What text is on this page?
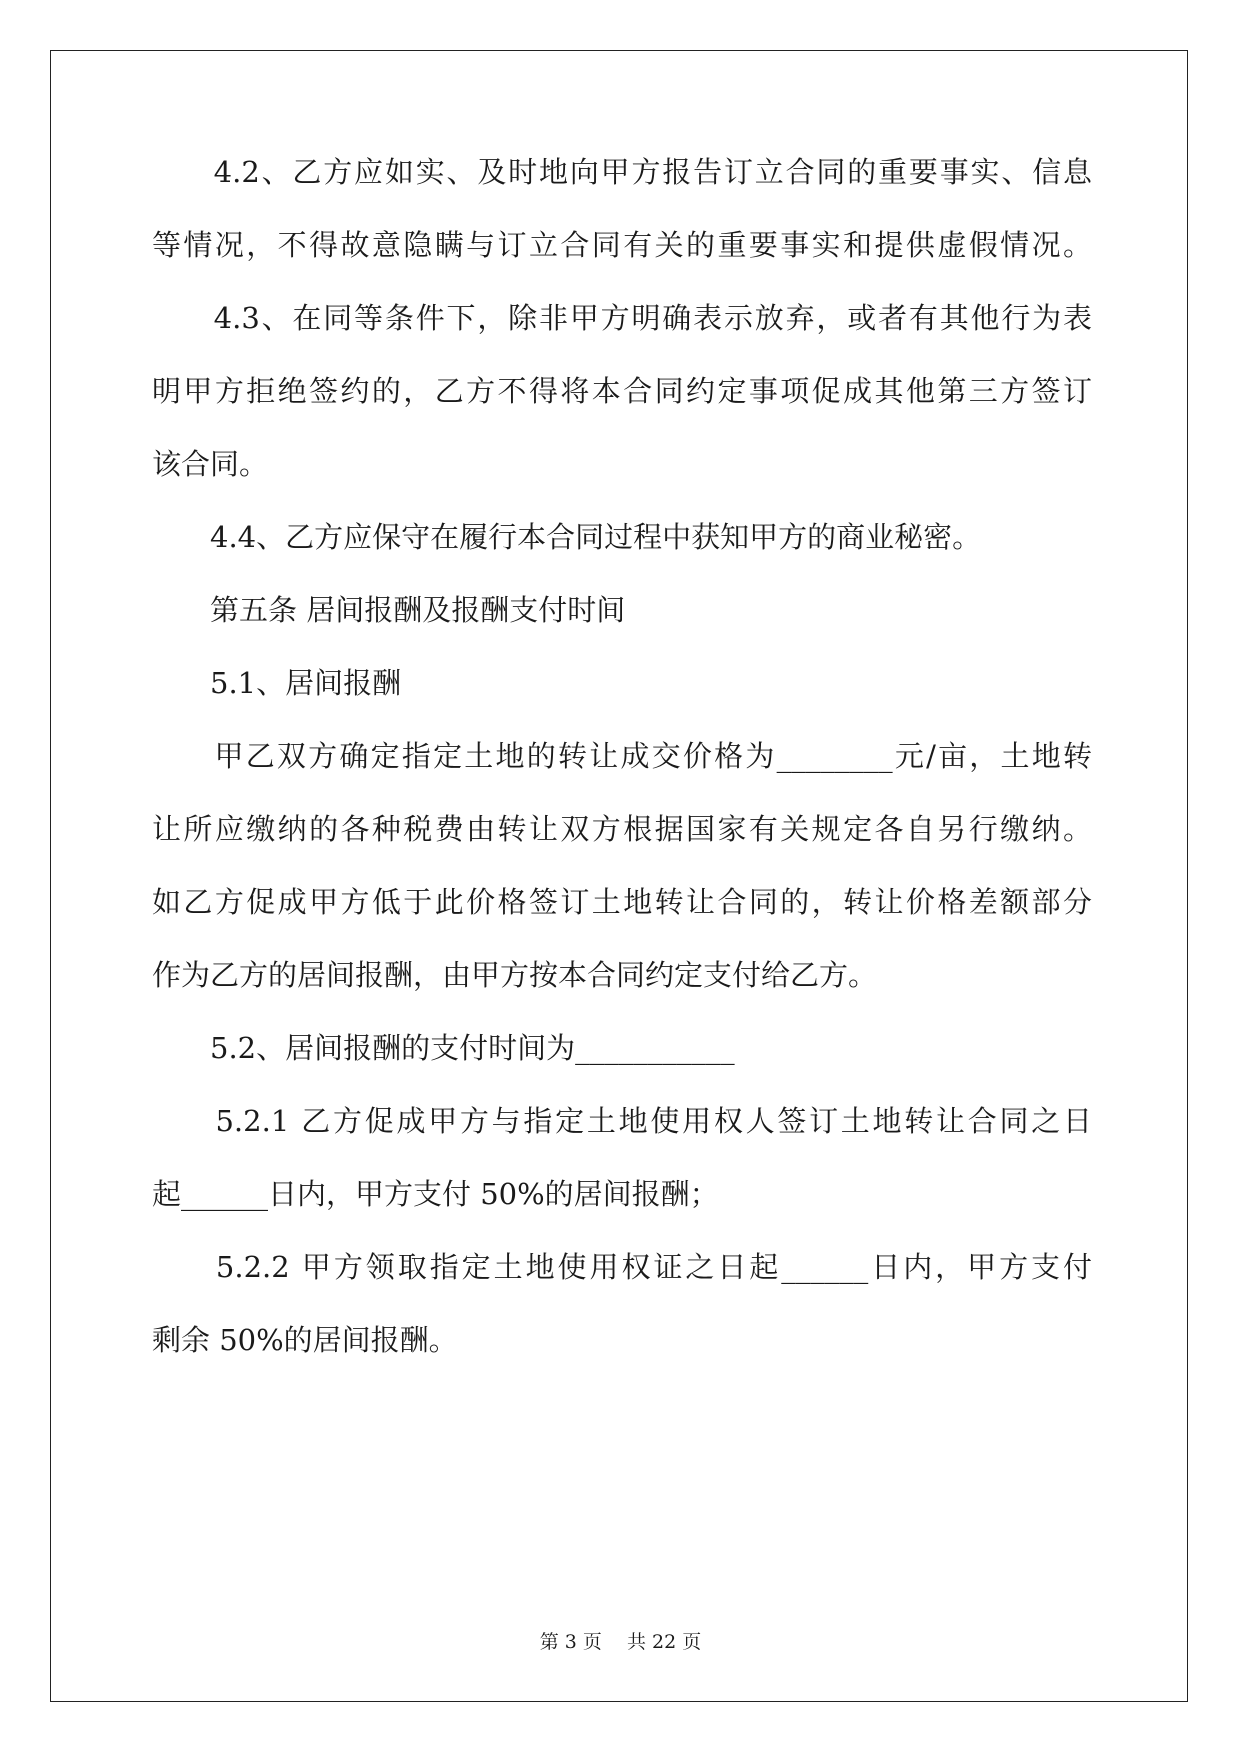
　　4.2、乙方应如实、及时地向甲方报告订立合同的重要事实、信息
等情况，不得故意隐瞒与订立合同有关的重要事实和提供虚假情况。
　　4.3、在同等条件下，除非甲方明确表示放弃，或者有其他行为表
明甲方拒绝签约的，乙方不得将本合同约定事项促成其他第三方签订
该合同。
　　4.4、乙方应保守在履行本合同过程中获知甲方的商业秘密。
　　第五条 居间报酬及报酬支付时间
　　5.1、居间报酬
　　甲乙双方确定指定土地的转让成交价格为________元/亩，土地转
让所应缴纳的各种税费由转让双方根据国家有关规定各自另行缴纳。
如乙方促成甲方低于此价格签订土地转让合同的，转让价格差额部分
作为乙方的居间报酬，由甲方按本合同约定支付给乙方。
　　5.2、居间报酬的支付时间为___________
　　5.2.1 乙方促成甲方与指定土地使用权人签订土地转让合同之日
起______日内，甲方支付 50%的居间报酬；
　　5.2.2 甲方领取指定土地使用权证之日起______日内，甲方支付
剩余 50%的居间报酬。
第 3 页　 共 22 页
